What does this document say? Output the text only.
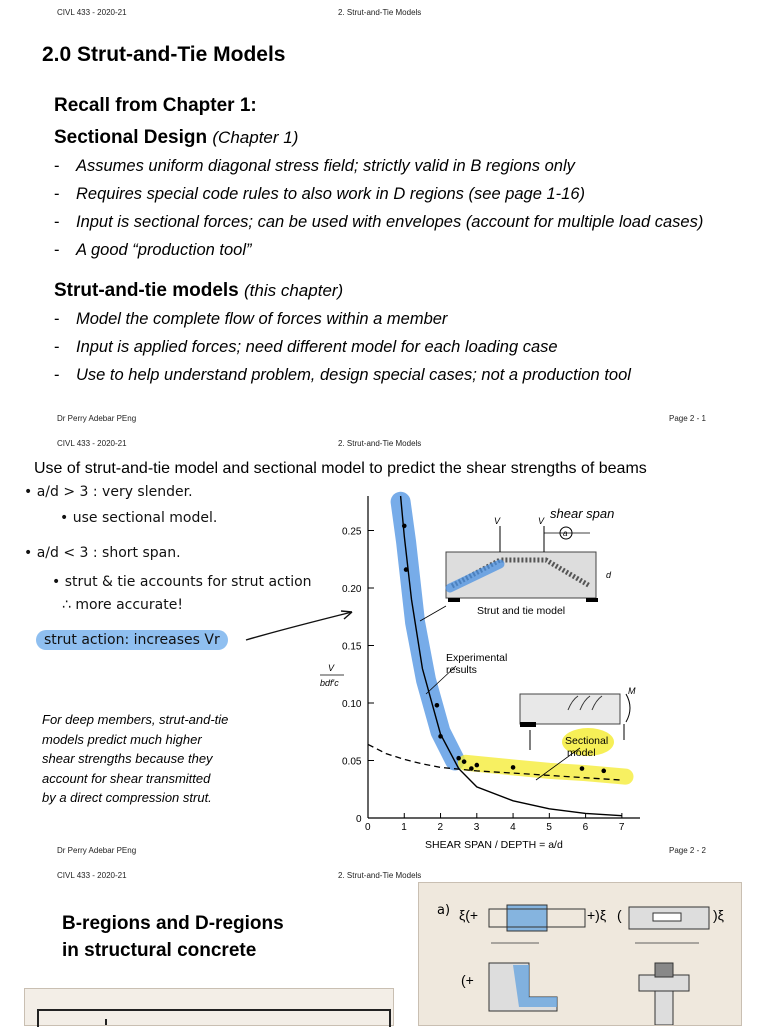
CIVL 433 - 2020-21	2. Strut-and-Tie Models
2.0 Strut-and-Tie Models
Recall from Chapter 1:
Sectional Design (Chapter 1)
- Assumes uniform diagonal stress field; strictly valid in B regions only
- Requires special code rules to also work in D regions (see page 1-16)
- Input is sectional forces; can be used with envelopes (account for multiple load cases)
- A good “production tool”
Strut-and-tie models (this chapter)
- Model the complete flow of forces within a member
- Input is applied forces; need different model for each loading case
- Use to help understand problem, design special cases; not a production tool
Dr Perry Adebar PEng	Page 2 - 1
CIVL 433 - 2020-21	2. Strut-and-Tie Models
Use of strut-and-tie model and sectional model to predict the shear strengths of beams
• a/d > 3 : very slender.
• use sectional model.
• a/d < 3 : short span.
• strut & tie accounts for strut action
∴ more accurate!
strut action: increases Vr
For deep members, strut-and-tie
models predict much higher
shear strengths because they
account for shear transmitted
by a direct compression strut.
0	1	2	3	4	5	6	7
0
0.05
0.10
0.15
0.20
0.25
shear span
a
V	V
d
Strut and tie model
Experimental
results
M
Sectional
model
SHEAR SPAN / DEPTH = a/d
V
bdf′c
Dr Perry Adebar PEng	Page 2 - 2
CIVL 433 - 2020-21	2. Strut-and-Tie Models
B-regions and D-regions
in structural concrete
a) ξ(+	+)ξ (	)ξ
(+
